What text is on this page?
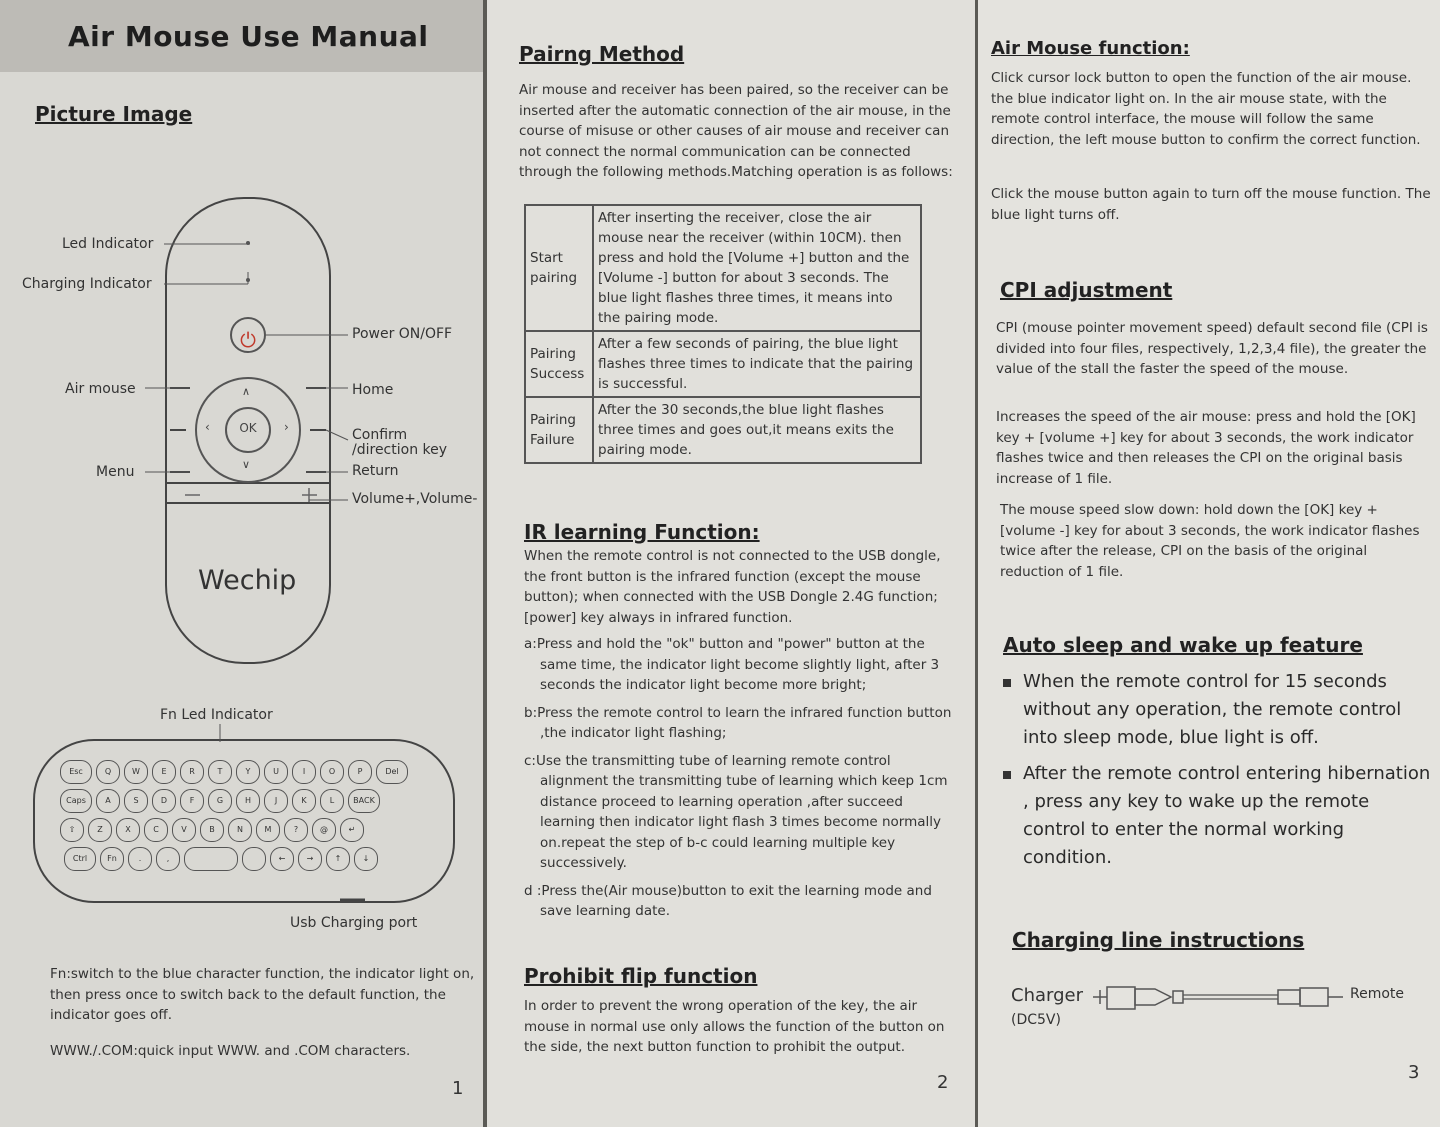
Air Mouse Use Manual
Picture Image
⏻
OK
‹	›
∨
∧
Wechip
Led Indicator
Charging Indicator
Air mouse
Menu
Power ON/OFF
Home
Confirm
/direction key
Return
Volume+,Volume-
Fn Led Indicator
Esc	Q	W	E	R	T	Y	U	I	O	P	Del
Caps	A	S	D	F	G	H	J	K	L	BACK
⇧	Z	X	C	V	B	N	M	?	@	↵
Ctrl	Fn	.	,	←	→	↑	↓
Usb Charging port
Fn:switch to the blue character function, the indicator light on, then press once to switch back to the default function, the indicator goes off.
WWW./.COM:quick input WWW. and .COM characters.
1
Pairng Method
Air mouse and receiver has been paired, so the receiver can be inserted after the automatic connection of the air mouse, in the course of misuse or other causes of air mouse and receiver can not connect the normal communication can be connected through the following methods.Matching operation is as follows:
Start pairing	After inserting the receiver, close the air mouse near the receiver (within 10CM). then press and hold the [Volume +] button and the [Volume -] button for about 3 seconds. The blue light flashes three times, it means into the pairing mode.
Pairing Success	After a few seconds of pairing, the blue light flashes three times to indicate that the pairing is successful.
Pairing Failure	After the 30 seconds,the blue light flashes three times and goes out,it means exits the pairing mode.
IR learning Function:
When the remote control is not connected to the USB dongle, the front button is the infrared function (except the mouse button); when connected with the USB Dongle 2.4G function; [power] key always in infrared function.
a:Press and hold the "ok" button and "power" button at the same time, the indicator light become slightly light, after 3 seconds the indicator light become more bright;
b:Press the remote control to learn the infrared function button ,the indicator light flashing;
c:Use the transmitting tube of learning remote control alignment the transmitting tube of learning which keep 1cm distance proceed to learning operation ,after succeed learning then indicator light flash 3 times become normally on.repeat the step of b-c could learning multiple key successively.
d :Press the(Air mouse)button to exit the learning mode and save learning date.
Prohibit flip function
In order to prevent the wrong operation of the key, the air mouse in normal use only allows the function of the button on the side, the next button function to prohibit the output.
2
Air Mouse function:
Click cursor lock button to open the function of the air mouse. the blue indicator light on. In the air mouse state, with the remote control interface, the mouse will follow the same direction, the left mouse button to confirm the correct function.
Click the mouse button again to turn off the mouse function. The blue light turns off.
CPI adjustment
CPI (mouse pointer movement speed) default second file (CPI is divided into four files, respectively, 1,2,3,4 file), the greater the value of the stall the faster the speed of the mouse.
Increases the speed of the air mouse: press and hold the [OK] key + [volume +] key for about 3 seconds, the work indicator flashes twice and then releases the CPI on the original basis increase of 1 file.
The mouse speed slow down: hold down the [OK] key + [volume -] key for about 3 seconds, the work indicator flashes twice after the release, CPI on the basis of the original reduction of 1 file.
Auto sleep and wake up feature
When the remote control for 15 seconds without any operation, the remote control into sleep mode, blue light is off.
After the remote control entering hibernation , press any key to wake up the remote control to enter the normal working condition.
Charging line instructions
Charger
(DC5V)
Remote
3
